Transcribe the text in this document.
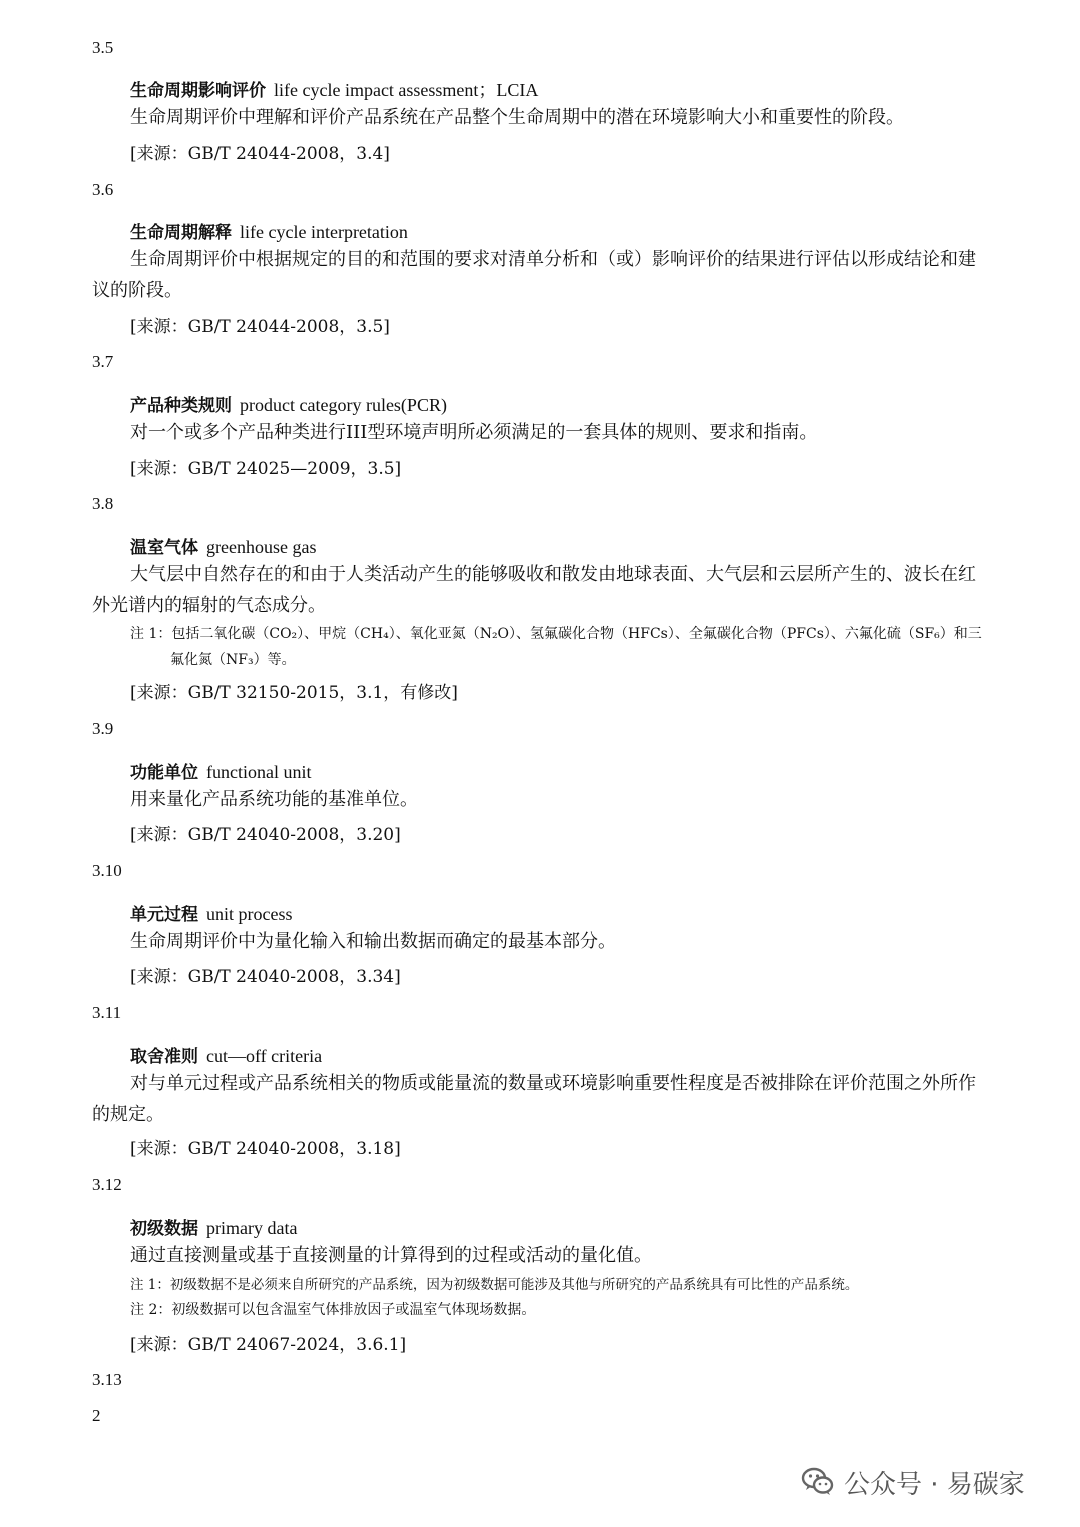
3.5
生命周期影响评价 life cycle impact assessment；LCIA
生命周期评价中理解和评价产品系统在产品整个生命周期中的潜在环境影响大小和重要性的阶段。
[来源：GB/T 24044-2008，3.4]
3.6
生命周期解释 life cycle interpretation
生命周期评价中根据规定的目的和范围的要求对清单分析和（或）影响评价的结果进行评估以形成结论和建议的阶段。
[来源：GB/T 24044-2008，3.5]
3.7
产品种类规则 product category rules(PCR)
对一个或多个产品种类进行III型环境声明所必须满足的一套具体的规则、要求和指南。
[来源：GB/T 24025—2009，3.5]
3.8
温室气体 greenhouse gas
大气层中自然存在的和由于人类活动产生的能够吸收和散发由地球表面、大气层和云层所产生的、波长在红外光谱内的辐射的气态成分。
注 1：包括二氧化碳（CO₂）、甲烷（CH₄）、氧化亚氮（N₂O）、氢氟碳化合物（HFCs）、全氟碳化合物（PFCs）、六氟化硫（SF₆）和三氟化氮（NF₃）等。
[来源：GB/T 32150-2015，3.1，有修改]
3.9
功能单位 functional unit
用来量化产品系统功能的基准单位。
[来源：GB/T 24040-2008，3.20]
3.10
单元过程 unit process
生命周期评价中为量化输入和输出数据而确定的最基本部分。
[来源：GB/T 24040-2008，3.34]
3.11
取舍准则 cut—off criteria
对与单元过程或产品系统相关的物质或能量流的数量或环境影响重要性程度是否被排除在评价范围之外所作的规定。
[来源：GB/T 24040-2008，3.18]
3.12
初级数据 primary data
通过直接测量或基于直接测量的计算得到的过程或活动的量化值。
注 1：初级数据不是必须来自所研究的产品系统，因为初级数据可能涉及其他与所研究的产品系统具有可比性的产品系统。
注 2：初级数据可以包含温室气体排放因子或温室气体现场数据。
[来源：GB/T 24067-2024，3.6.1]
3.13
2
公众号 · 易碳家
